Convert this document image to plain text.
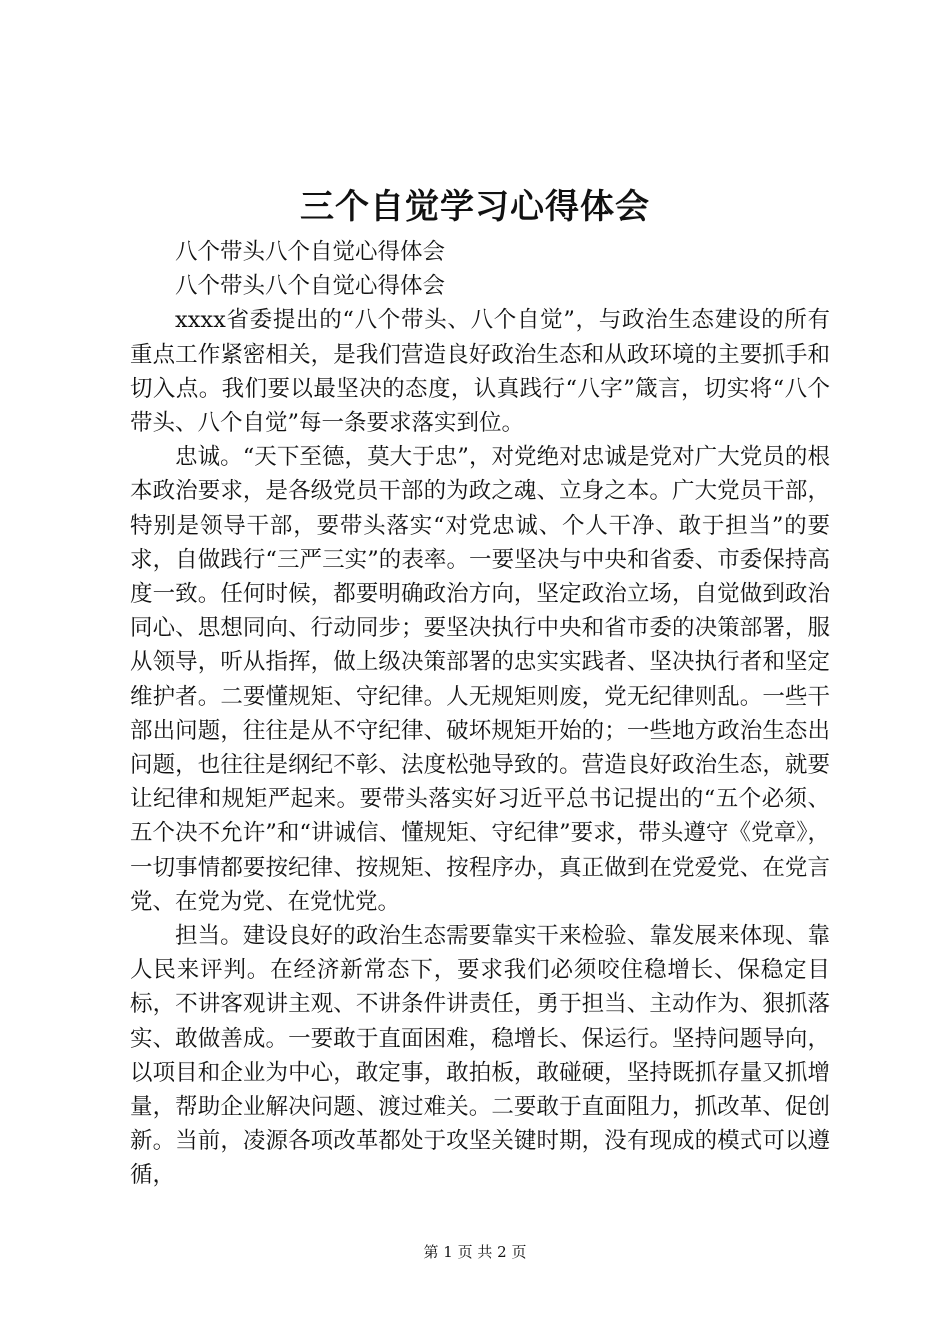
三个自觉学习心得体会

八个带头八个自觉心得体会

八个带头八个自觉心得体会

xxxx省委提出的“八个带头、八个自觉”，与政治生态建设的所有重点工作紧密相关，是我们营造良好政治生态和从政环境的主要抓手和切入点。我们要以最坚决的态度，认真践行“八字”箴言，切实将“八个带头、八个自觉”每一条要求落实到位。

忠诚。“天下至德，莫大于忠”，对党绝对忠诚是党对广大党员的根本政治要求，是各级党员干部的为政之魂、立身之本。广大党员干部，特别是领导干部，要带头落实“对党忠诚、个人干净、敢于担当”的要求，自做践行“三严三实”的表率。一要坚决与中央和省委、市委保持高度一致。任何时候，都要明确政治方向，坚定政治立场，自觉做到政治同心、思想同向、行动同步；要坚决执行中央和省市委的决策部署，服从领导，听从指挥，做上级决策部署的忠实实践者、坚决执行者和坚定维护者。二要懂规矩、守纪律。人无规矩则废，党无纪律则乱。一些干部出问题，往往是从不守纪律、破坏规矩开始的；一些地方政治生态出问题，也往往是纲纪不彰、法度松弛导致的。营造良好政治生态，就要让纪律和规矩严起来。要带头落实好习近平总书记提出的“五个必须、五个决不允许”和“讲诚信、懂规矩、守纪律”要求，带头遵守《党章》，一切事情都要按纪律、按规矩、按程序办，真正做到在党爱党、在党言党、在党为党、在党忧党。

担当。建设良好的政治生态需要靠实干来检验、靠发展来体现、靠人民来评判。在经济新常态下，要求我们必须咬住稳增长、保稳定目标，不讲客观讲主观、不讲条件讲责任，勇于担当、主动作为、狠抓落实、敢做善成。一要敢于直面困难，稳增长、保运行。坚持问题导向，以项目和企业为中心，敢定事，敢拍板，敢碰硬，坚持既抓存量又抓增量，帮助企业解决问题、渡过难关。二要敢于直面阻力，抓改革、促创新。当前，凌源各项改革都处于攻坚关键时期，没有现成的模式可以遵循，

第 1 页 共 2 页
